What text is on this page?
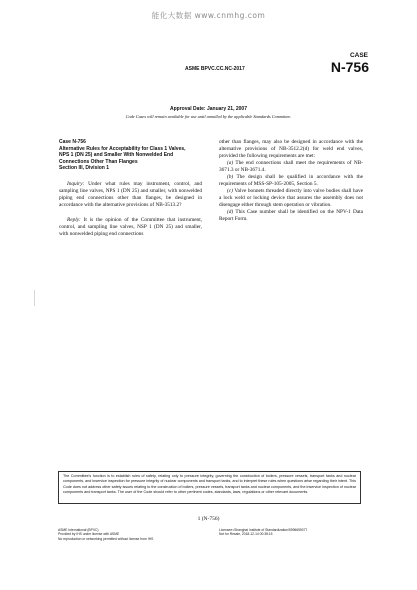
能化大数据 www.cnmhg.com
ASME BPVC.CC.NC-2017
CASE
N-756
Approval Date: January 21, 2007
Code Cases will remain available for use until annulled by the applicable Standards Committee.
Case N-756
Alternative Rules for Acceptability for Class 1 Valves,
NPS 1 (DN 25) and Smaller With Nonwelded End
Connections Other Than Flanges
Section III, Division 1

Inquiry: Under what rules may instrument, control, and sampling line valves, NPS 1 (DN 25) and smaller, with nonwelded piping end connections other than flanges, be designed in accordance with the alternative provisions of NB-3513.2?

Reply: It is the opinion of the Committee that instrument, control, and sampling line valves, NSP 1 (DN 25) and smaller, with nonwelded piping end connections

other than flanges, may also be designed in accordance with the alternative provisions of NB-3512.2(d) for weld end valves, provided the following requirements are met:

(a) The end connections shall meet the requirements of NB-3671.3 or NB-3671.4.

(b) The design shall be qualified in accordance with the requirements of MSS-SP-105-2005, Section 5.

(c) Valve bonnets threaded directly into valve bodies shall have a lock weld or locking device that assures the assembly does not disengage either through stem operation or vibration.

(d) This Case number shall be identified on the NPV-1 Data Report Form.

The Committee's function is to establish rules of safety, relating only to pressure integrity, governing the construction of boilers, pressure vessels, transport tanks and nuclear components, and inservice inspection for pressure integrity of nuclear components and transport tanks, and to interpret these rules when questions arise regarding their intent. This Code does not address other safety issues relating to the construction of boilers, pressure vessels, transport tanks and nuclear components, and the inservice inspection of nuclear components and transport tanks. The user of the Code should refer to other pertinent codes, standards, laws, regulations or other relevant documents.
1 (N-756)
ASME International (BPVC)
Provided by IHS under license with ASME
No reproduction or networking permitted without license from IHS
Licensee=Shanghai Institute of Standardization/5996659077
Not for Resale, 2018-12-14 00:38:15
